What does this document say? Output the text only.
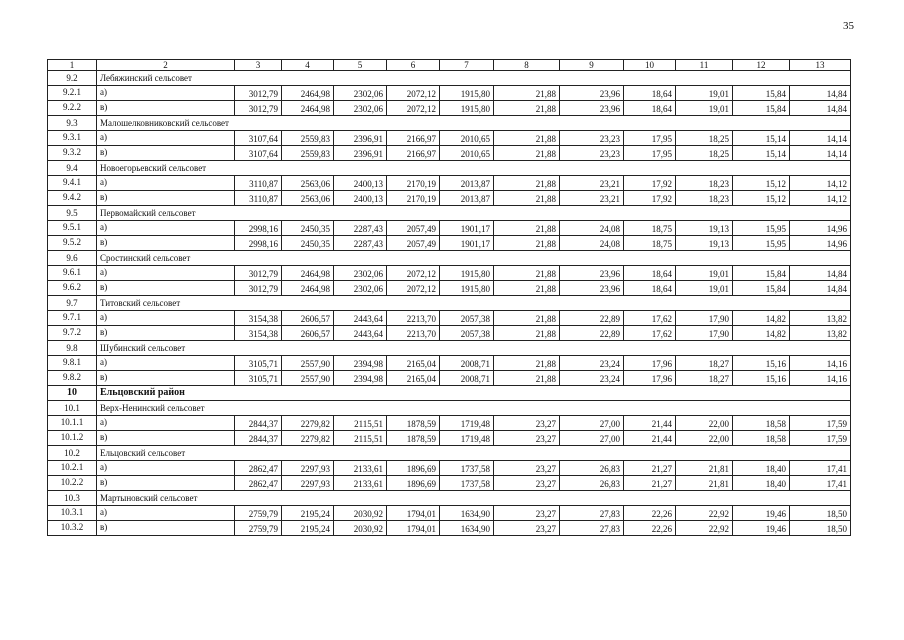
35
1	2	3	4	5	6	7	8	9	10	11	12	13
9.2	Лебяжинский сельсовет											
9.2.1	а)	3012,79	2464,98	2302,06	2072,12	1915,80	21,88	23,96	18,64	19,01	15,84	14,84
9.2.2	в)	3012,79	2464,98	2302,06	2072,12	1915,80	21,88	23,96	18,64	19,01	15,84	14,84
9.3	Малошелковниковский сельсовет											
9.3.1	а)	3107,64	2559,83	2396,91	2166,97	2010,65	21,88	23,23	17,95	18,25	15,14	14,14
9.3.2	в)	3107,64	2559,83	2396,91	2166,97	2010,65	21,88	23,23	17,95	18,25	15,14	14,14
9.4	Новоегорьевский сельсовет											
9.4.1	а)	3110,87	2563,06	2400,13	2170,19	2013,87	21,88	23,21	17,92	18,23	15,12	14,12
9.4.2	в)	3110,87	2563,06	2400,13	2170,19	2013,87	21,88	23,21	17,92	18,23	15,12	14,12
9.5	Первомайский сельсовет											
9.5.1	а)	2998,16	2450,35	2287,43	2057,49	1901,17	21,88	24,08	18,75	19,13	15,95	14,96
9.5.2	в)	2998,16	2450,35	2287,43	2057,49	1901,17	21,88	24,08	18,75	19,13	15,95	14,96
9.6	Сростинский сельсовет											
9.6.1	а)	3012,79	2464,98	2302,06	2072,12	1915,80	21,88	23,96	18,64	19,01	15,84	14,84
9.6.2	в)	3012,79	2464,98	2302,06	2072,12	1915,80	21,88	23,96	18,64	19,01	15,84	14,84
9.7	Титовский сельсовет											
9.7.1	а)	3154,38	2606,57	2443,64	2213,70	2057,38	21,88	22,89	17,62	17,90	14,82	13,82
9.7.2	в)	3154,38	2606,57	2443,64	2213,70	2057,38	21,88	22,89	17,62	17,90	14,82	13,82
9.8	Шубинский сельсовет											
9.8.1	а)	3105,71	2557,90	2394,98	2165,04	2008,71	21,88	23,24	17,96	18,27	15,16	14,16
9.8.2	в)	3105,71	2557,90	2394,98	2165,04	2008,71	21,88	23,24	17,96	18,27	15,16	14,16
10	Ельцовский район											
10.1	Верх-Ненинский сельсовет											
10.1.1	а)	2844,37	2279,82	2115,51	1878,59	1719,48	23,27	27,00	21,44	22,00	18,58	17,59
10.1.2	в)	2844,37	2279,82	2115,51	1878,59	1719,48	23,27	27,00	21,44	22,00	18,58	17,59
10.2	Ельцовский сельсовет											
10.2.1	а)	2862,47	2297,93	2133,61	1896,69	1737,58	23,27	26,83	21,27	21,81	18,40	17,41
10.2.2	в)	2862,47	2297,93	2133,61	1896,69	1737,58	23,27	26,83	21,27	21,81	18,40	17,41
10.3	Мартыновский сельсовет											
10.3.1	а)	2759,79	2195,24	2030,92	1794,01	1634,90	23,27	27,83	22,26	22,92	19,46	18,50
10.3.2	в)	2759,79	2195,24	2030,92	1794,01	1634,90	23,27	27,83	22,26	22,92	19,46	18,50
